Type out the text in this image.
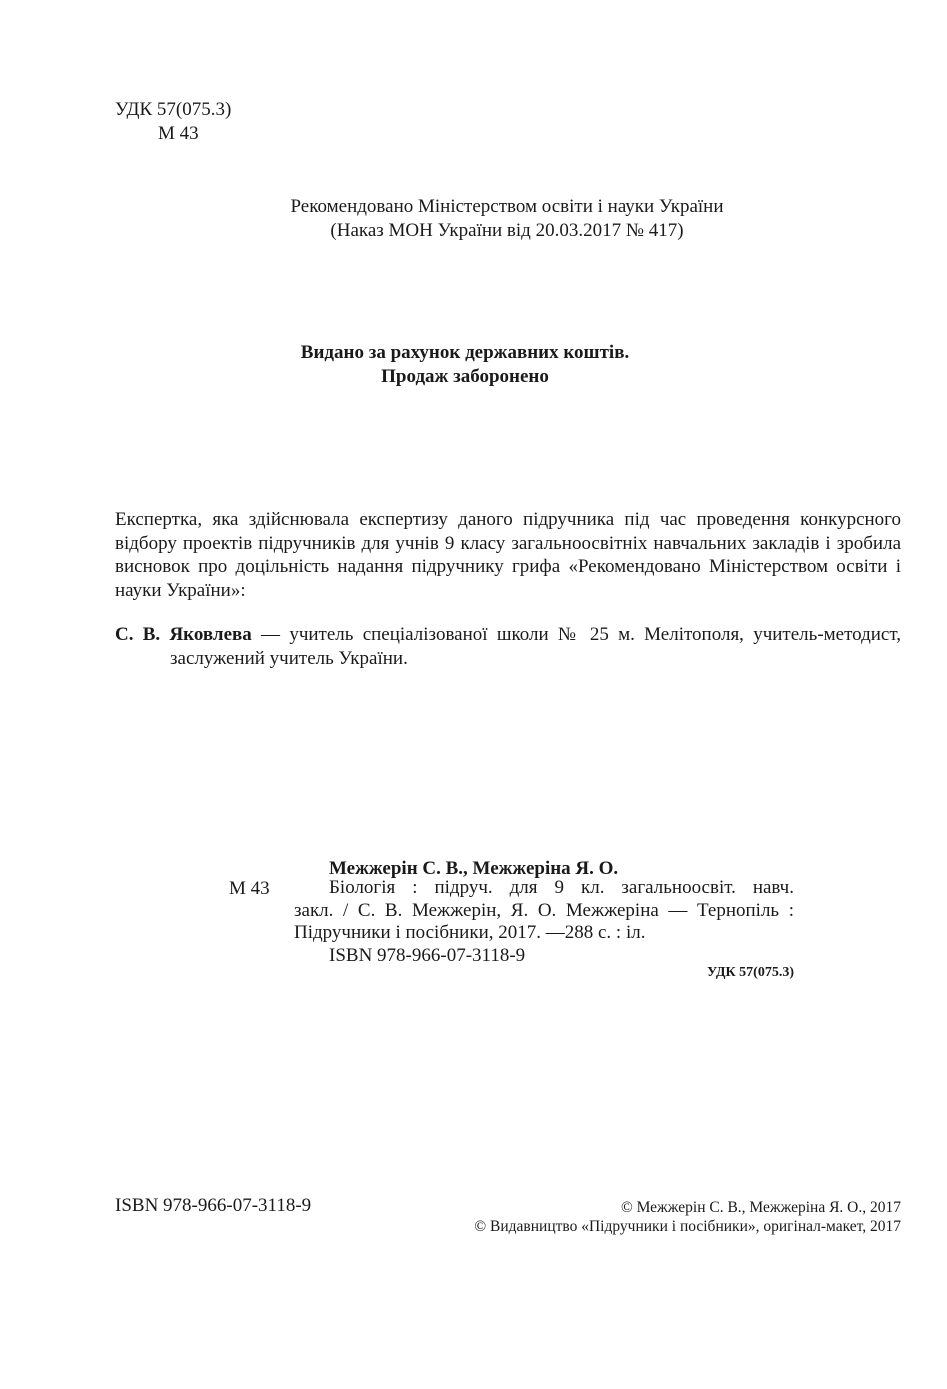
УДК 57(075.3)
М 43
Рекомендовано Міністерством освіти і науки України
(Наказ МОН України від 20.03.2017 № 417)
Видано за рахунок державних коштів.
Продаж заборонено
Експертка, яка здійснювала експертизу даного підручника під час проведення конкурсного відбору проектів підручників для учнів 9 класу загальноосвітніх навчальних закладів і зробила висновок про доцільність надання підручнику грифа «Рекомендовано Міністерством освіти і науки України»:
С. В. Яковлева — учитель спеціалізованої школи № 25 м. Мелітополя, учитель-методист,
заслужений учитель України.
Межжерін С. В., Межжеріна Я. О.
М 43	Біологія : підруч. для 9 кл. загальноосвіт. навч.
закл. / С. В. Межжерін, Я. О. Межжеріна — Тернопіль :
Підручники і посібники, 2017. —288 с. : іл.
ISBN 978-966-07-3118-9
УДК 57(075.3)
ISBN 978-966-07-3118-9	© Межжерін С. В., Межжеріна Я. О., 2017
© Видавництво «Підручники і посібники», оригінал-макет, 2017
